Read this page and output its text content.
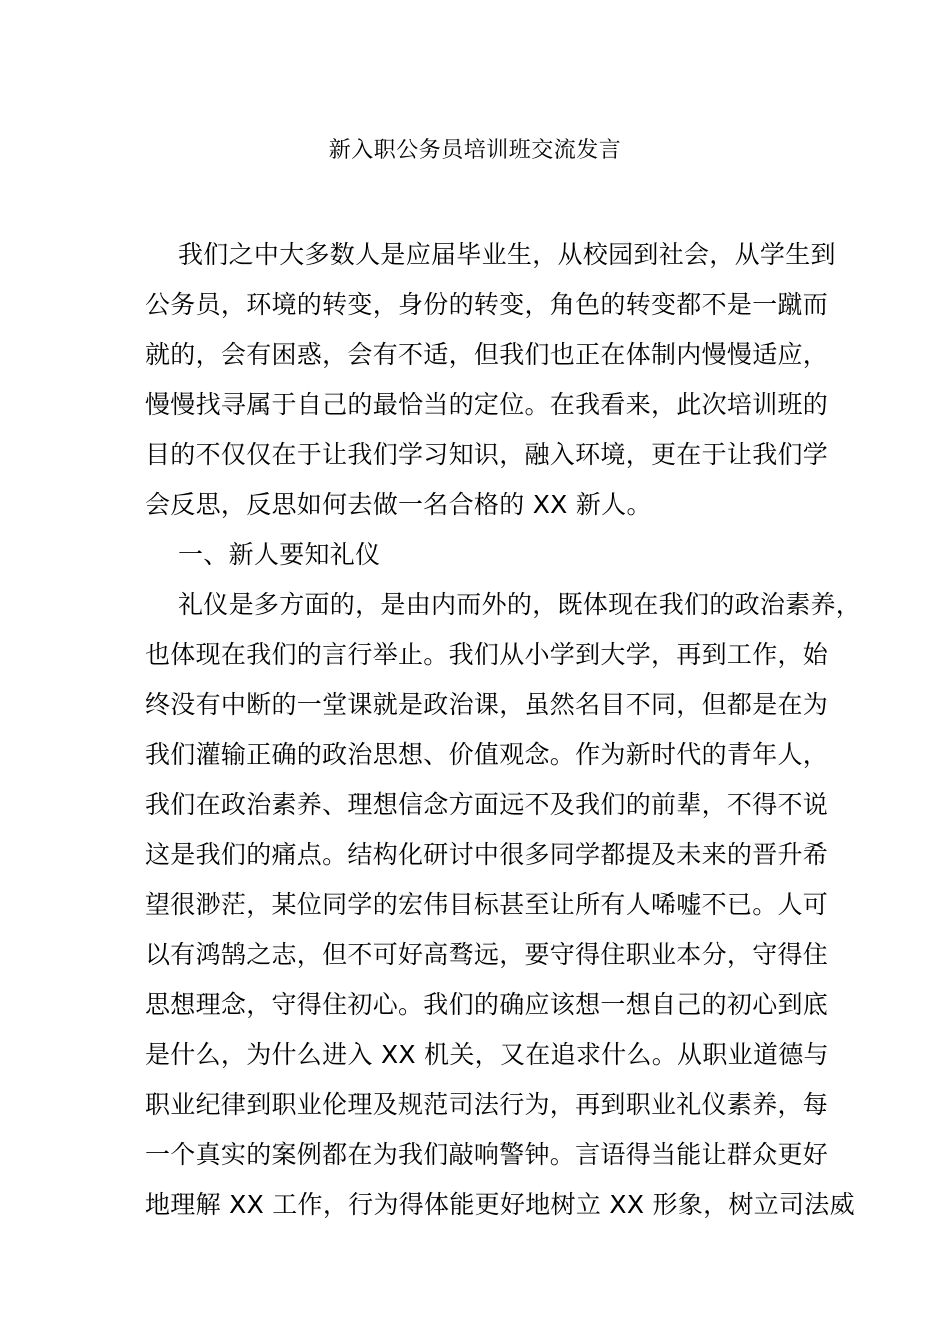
新入职公务员培训班交流发言
我们之中大多数人是应届毕业生，从校园到社会，从学生到
公务员，环境的转变，身份的转变，角色的转变都不是一蹴而
就的，会有困惑，会有不适，但我们也正在体制内慢慢适应，
慢慢找寻属于自己的最恰当的定位。在我看来，此次培训班的
目的不仅仅在于让我们学习知识，融入环境，更在于让我们学
会反思，反思如何去做一名合格的 XX 新人。
一、新人要知礼仪
礼仪是多方面的，是由内而外的，既体现在我们的政治素养，
也体现在我们的言行举止。我们从小学到大学，再到工作，始
终没有中断的一堂课就是政治课，虽然名目不同，但都是在为
我们灌输正确的政治思想、价值观念。作为新时代的青年人，
我们在政治素养、理想信念方面远不及我们的前辈，不得不说
这是我们的痛点。结构化研讨中很多同学都提及未来的晋升希
望很渺茫，某位同学的宏伟目标甚至让所有人唏嘘不已。人可
以有鸿鹄之志，但不可好高骛远，要守得住职业本分，守得住
思想理念，守得住初心。我们的确应该想一想自己的初心到底
是什么，为什么进入 XX 机关，又在追求什么。从职业道德与
职业纪律到职业伦理及规范司法行为，再到职业礼仪素养，每
一个真实的案例都在为我们敲响警钟。言语得当能让群众更好
地理解 XX 工作，行为得体能更好地树立 XX 形象，树立司法威
